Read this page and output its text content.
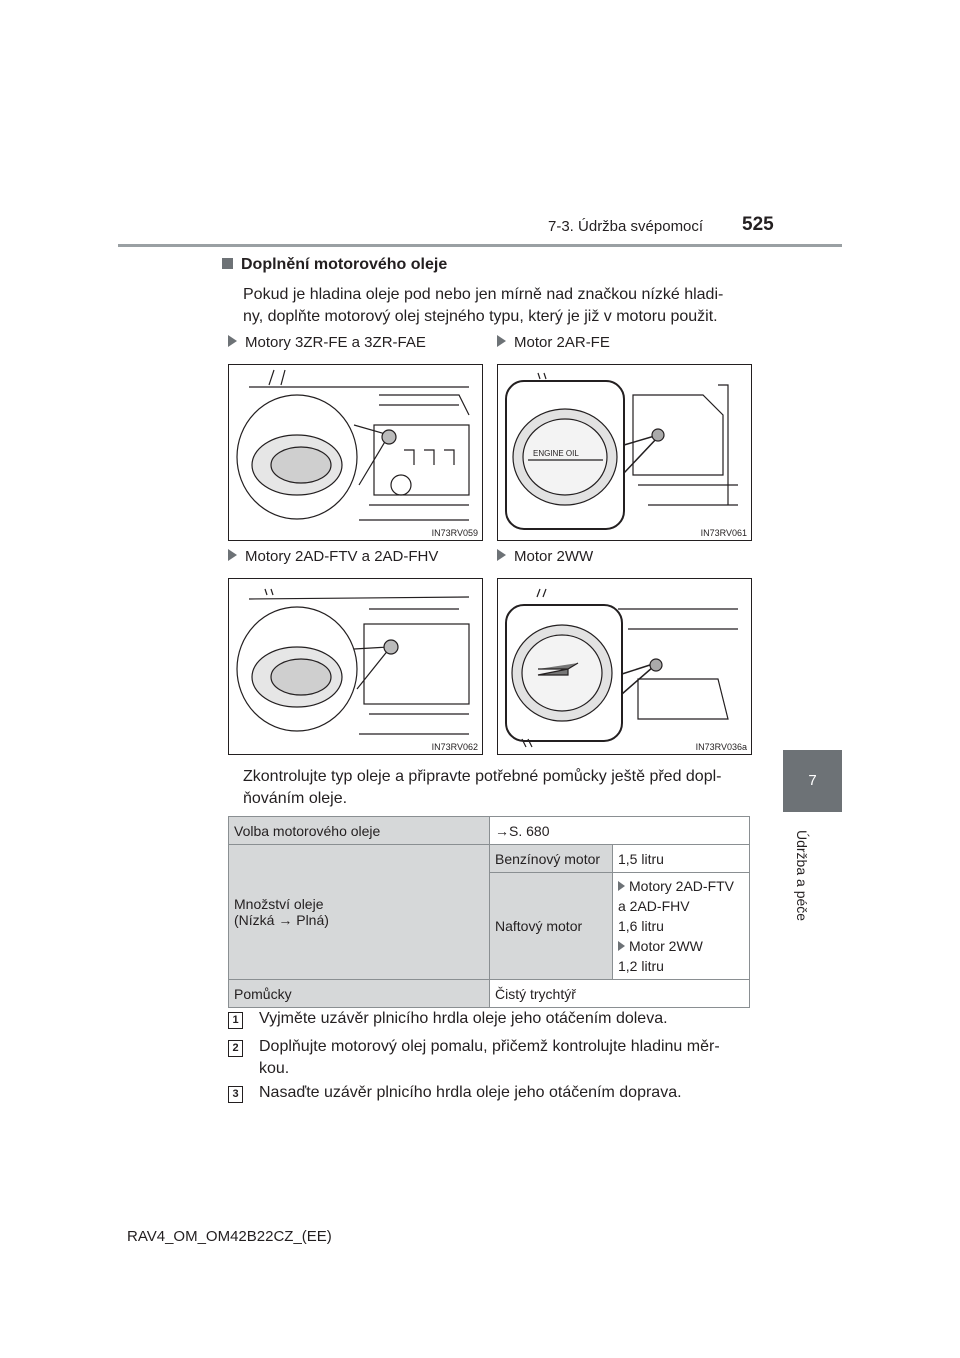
7-3. Údržba svépomocí 525
7
Údržba a péče
Doplnění motorového oleje
Pokud je hladina oleje pod nebo jen mírně nad značkou nízké hladi-
ny, doplňte motorový olej stejného typu, který je již v motoru použit.
Motory 3ZR-FE a 3ZR-FAE	Motor 2AR-FE
IN73RV059
ENGINE OIL
IN73RV061
Motory 2AD-FTV a 2AD-FHV	Motor 2WW
IN73RV062	IN73RV036a
Zkontrolujte typ oleje a připravte potřebné pomůcky ještě před dopl-
ňováním oleje.
Volba motorového oleje	→S. 680	

Množství oleje
(Nízká → Plná)	Benzínový motor	1,5 litru
	Naftový motor	Motory 2AD-FTV a 2AD-FHV
1,6 litru
Motor 2WW
1,2 litru

Pomůcky	Čistý trychtýř	
1 Vyjměte uzávěr plnicího hrdla oleje jeho otáčením doleva.
2 Doplňujte motorový olej pomalu, přičemž kontrolujte hladinu měr-
kou.
3 Nasaďte uzávěr plnicího hrdla oleje jeho otáčením doprava.
RAV4_OM_OM42B22CZ_(EE)
